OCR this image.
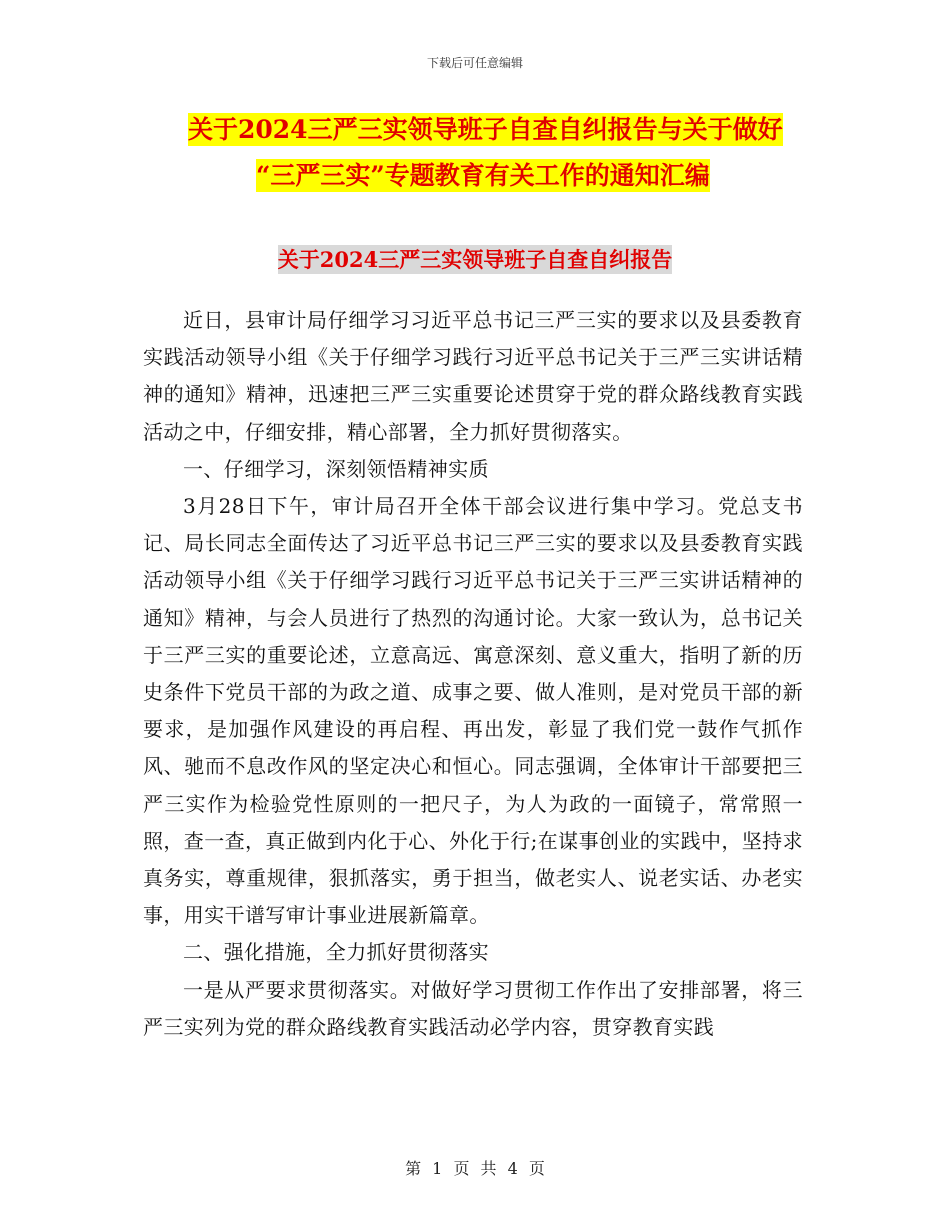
下载后可任意编辑
关于2024三严三实领导班子自查自纠报告与关于做好
“三严三实”专题教育有关工作的通知汇编
关于2024三严三实领导班子自查自纠报告

近日，县审计局仔细学习习近平总书记三严三实的要求以及县委教育实践活动领导小组《关于仔细学习践行习近平总书记关于三严三实讲话精神的通知》精神，迅速把三严三实重要论述贯穿于党的群众路线教育实践活动之中，仔细安排，精心部署，全力抓好贯彻落实。

一、仔细学习，深刻领悟精神实质

3月28日下午，审计局召开全体干部会议进行集中学习。党总支书记、局长同志全面传达了习近平总书记三严三实的要求以及县委教育实践活动领导小组《关于仔细学习践行习近平总书记关于三严三实讲话精神的通知》精神，与会人员进行了热烈的沟通讨论。大家一致认为，总书记关于三严三实的重要论述，立意高远、寓意深刻、意义重大，指明了新的历史条件下党员干部的为政之道、成事之要、做人准则，是对党员干部的新要求，是加强作风建设的再启程、再出发，彰显了我们党一鼓作气抓作风、驰而不息改作风的坚定决心和恒心。同志强调，全体审计干部要把三严三实作为检验党性原则的一把尺子，为人为政的一面镜子，常常照一照，查一查，真正做到内化于心、外化于行;在谋事创业的实践中，坚持求真务实，尊重规律，狠抓落实，勇于担当，做老实人、说老实话、办老实事，用实干谱写审计事业进展新篇章。

二、强化措施，全力抓好贯彻落实

一是从严要求贯彻落实。对做好学习贯彻工作作出了安排部署，将三严三实列为党的群众路线教育实践活动必学内容，贯穿教育实践

第 1 页 共 4 页
